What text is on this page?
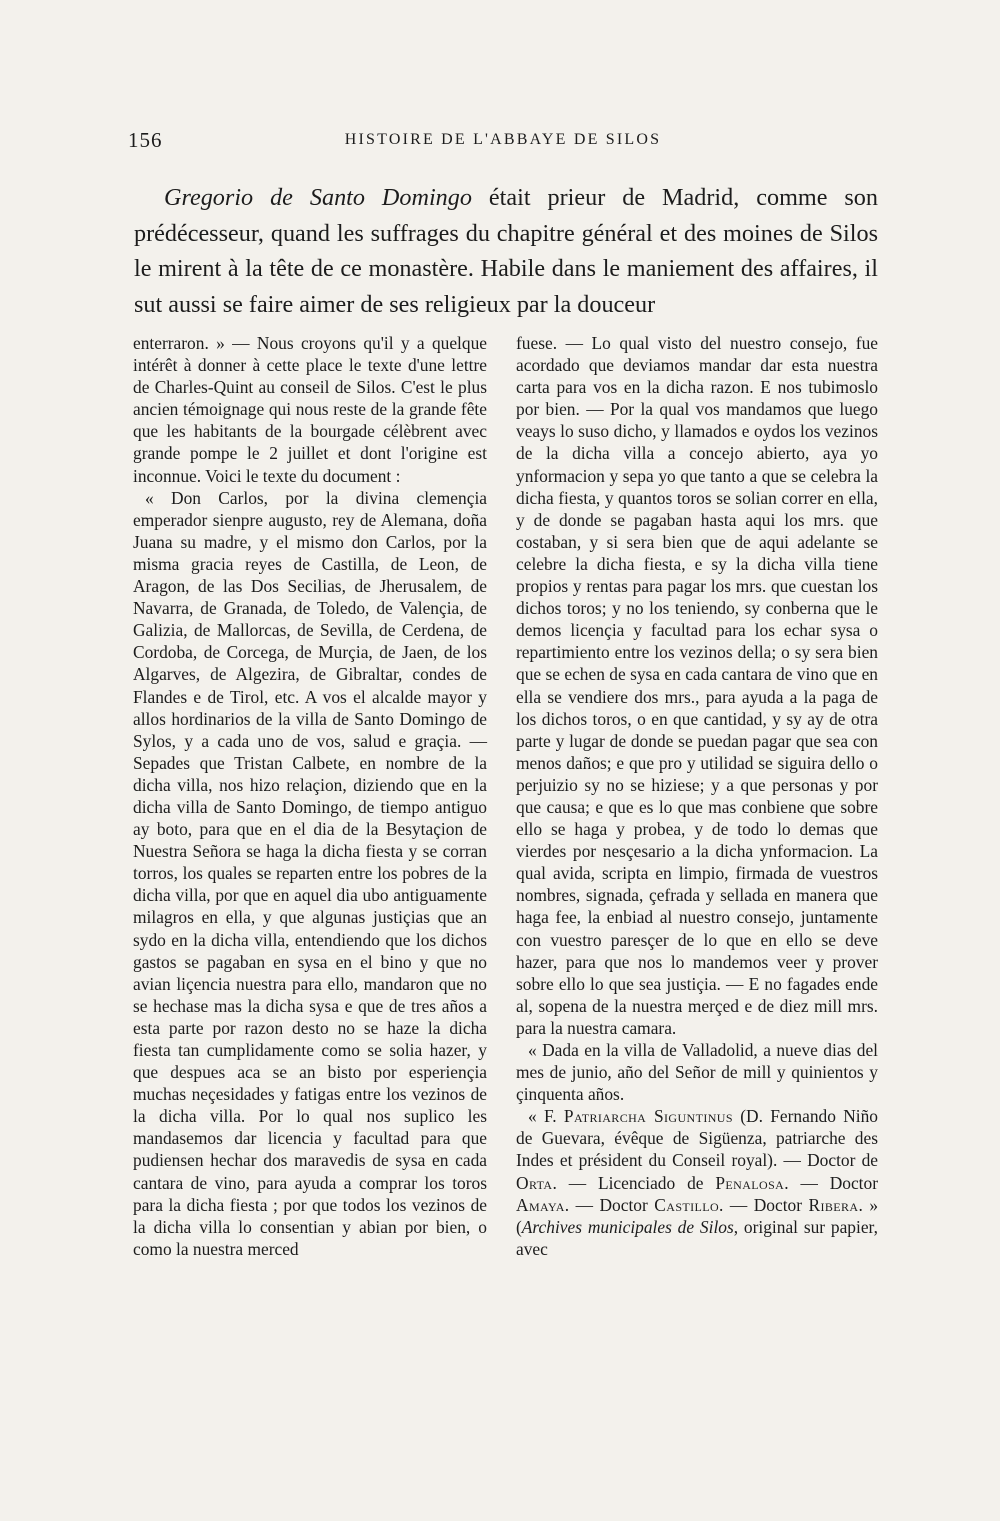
156	HISTOIRE DE L'ABBAYE DE SILOS

Gregorio de Santo Domingo était prieur de Madrid, comme son prédécesseur, quand les suffrages du chapitre général et des moines de Silos le mirent à la tête de ce monastère. Habile dans le maniement des affaires, il sut aussi se faire aimer de ses religieux par la douceur

enterraron. » — Nous croyons qu'il y a quelque intérêt à donner à cette place le texte d'une lettre de Charles-Quint au conseil de Silos. C'est le plus ancien témoignage qui nous reste de la grande fête que les habitants de la bourgade célèbrent avec grande pompe le 2 juillet et dont l'origine est inconnue. Voici le texte du document :

« Don Carlos, por la divina clemençia emperador sienpre augusto, rey de Alemana, doña Juana su madre, y el mismo don Carlos, por la misma gracia reyes de Castilla, de Leon, de Aragon, de las Dos Secilias, de Jherusalem, de Navarra, de Granada, de Toledo, de Valençia, de Galizia, de Mallorcas, de Sevilla, de Cerdena, de Cordoba, de Corcega, de Murçia, de Jaen, de los Algarves, de Algezira, de Gibraltar, condes de Flandes e de Tirol, etc. A vos el alcalde mayor y allos hordinarios de la villa de Santo Domingo de Sylos, y a cada uno de vos, salud e graçia. — Sepades que Tristan Calbete, en nombre de la dicha villa, nos hizo relaçion, diziendo que en la dicha villa de Santo Domingo, de tiempo antiguo ay boto, para que en el dia de la Besytaçion de Nuestra Señora se haga la dicha fiesta y se corran torros, los quales se reparten entre los pobres de la dicha villa, por que en aquel dia ubo antiguamente milagros en ella, y que algunas justiçias que an sydo en la dicha villa, entendiendo que los dichos gastos se pagaban en sysa en el bino y que no avian liçencia nuestra para ello, mandaron que no se hechase mas la dicha sysa e que de tres años a esta parte por razon desto no se haze la dicha fiesta tan cumplidamente como se solia hazer, y que despues aca se an bisto por esperiençia muchas neçesidades y fatigas entre los vezinos de la dicha villa. Por lo qual nos suplico les mandasemos dar licencia y facultad para que pudiensen hechar dos maravedis de sysa en cada cantara de vino, para ayuda a comprar los toros para la dicha fiesta ; por que todos los vezinos de la dicha villa lo consentian y abian por bien, o como la nuestra merced

fuese. — Lo qual visto del nuestro consejo, fue acordado que deviamos mandar dar esta nuestra carta para vos en la dicha razon. E nos tubimoslo por bien. — Por la qual vos mandamos que luego veays lo suso dicho, y llamados e oydos los vezinos de la dicha villa a concejo abierto, aya yo ynformacion y sepa yo que tanto a que se celebra la dicha fiesta, y quantos toros se solian correr en ella, y de donde se pagaban hasta aqui los mrs. que costaban, y si sera bien que de aqui adelante se celebre la dicha fiesta, e sy la dicha villa tiene propios y rentas para pagar los mrs. que cuestan los dichos toros; y no los teniendo, sy conberna que le demos licençia y facultad para los echar sysa o repartimiento entre los vezinos della; o sy sera bien que se echen de sysa en cada cantara de vino que en ella se vendiere dos mrs., para ayuda a la paga de los dichos toros, o en que cantidad, y sy ay de otra parte y lugar de donde se puedan pagar que sea con menos daños; e que pro y utilidad se siguira dello o perjuizio sy no se hiziese; y a que personas y por que causa; e que es lo que mas conbiene que sobre ello se haga y probea, y de todo lo demas que vierdes por nesçesario a la dicha ynformacion. La qual avida, scripta en limpio, firmada de vuestros nombres, signada, çefrada y sellada en manera que haga fee, la enbiad al nuestro consejo, juntamente con vuestro paresçer de lo que en ello se deve hazer, para que nos lo mandemos veer y prover sobre ello lo que sea justiçia. — E no fagades ende al, sopena de la nuestra merçed e de diez mill mrs. para la nuestra camara.

« Dada en la villa de Valladolid, a nueve dias del mes de junio, año del Señor de mill y quinientos y çinquenta años.

« F. Patriarcha Siguntinus (D. Fernando Niño de Guevara, évêque de Sigüenza, patriarche des Indes et président du Conseil royal). — Doctor de Orta. — Licenciado de Penalosa. — Doctor Amaya. — Doctor Castillo. — Doctor Ribera. » (Archives municipales de Silos, original sur papier, avec
